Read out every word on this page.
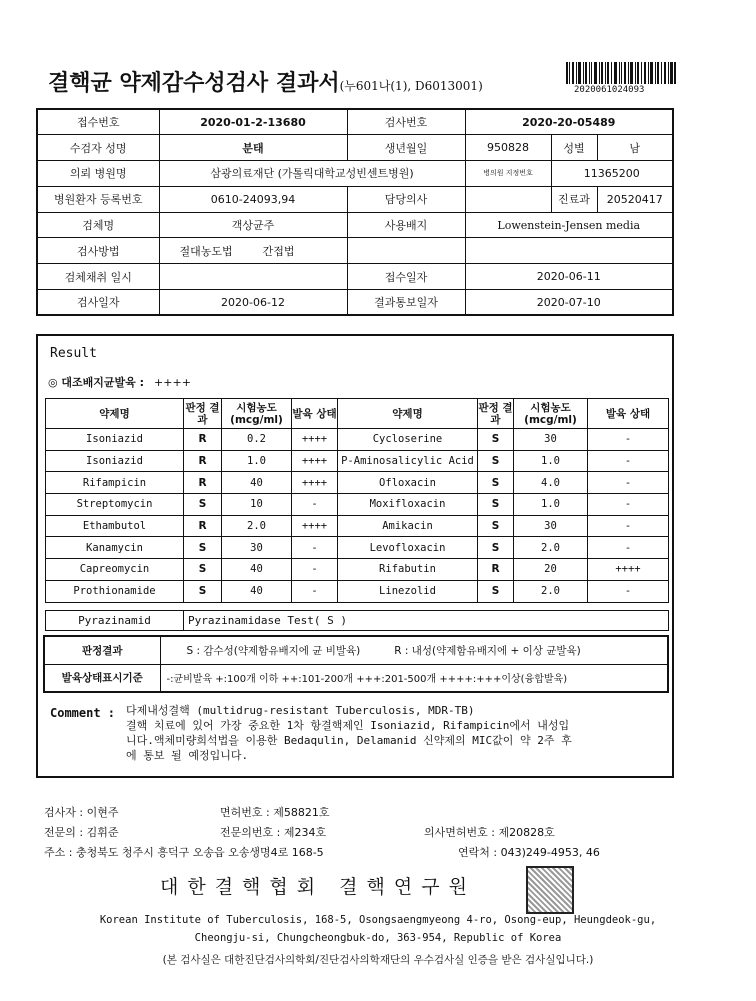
결핵균 약제감수성검사 결과서(누601나(1), D6013001)	2020061024093
접수번호	2020-01-2-13680	검사번호	2020-20-05489		
수검자 성명	분태	생년월일	950828	성별	남
의뢰 병원명	삼광의료재단 (가톨릭대학교성빈센트병원)		병의원 지정번호	11365200	
병원환자 등록번호	0610-24093,94	담당의사		진료과	20520417
검체명	객상균주	사용배지	Lowenstein-Jensen media		
검사방법	절대농도법 간접법				
검체채취 일시		접수일자	2020-06-11		
검사일자	2020-06-12	결과통보일자	2020-07-10		
Result
◎ 대조배지균발육 : ++++
약제명	판정 결과	시험농도 (mcg/ml)	발육 상태	약제명	판정 결과	시험농도 (mcg/ml)	발육 상태
Isoniazid	R	0.2	++++	Cycloserine	S	30	-
Isoniazid	R	1.0	++++	P-Aminosalicylic Acid	S	1.0	-
Rifampicin	R	40	++++	Ofloxacin	S	4.0	-
Streptomycin	S	10	-	Moxifloxacin	S	1.0	-
Ethambutol	R	2.0	++++	Amikacin	S	30	-
Kanamycin	S	30	-	Levofloxacin	S	2.0	-
Capreomycin	S	40	-	Rifabutin	R	20	++++
Prothionamide	S	40	-	Linezolid	S	2.0	-
Pyrazinamid	Pyrazinamidase Test( S )
판정결과	S : 감수성(약제함유배지에 균 비발육) R : 내성(약제함유배지에 + 이상 균발육)
발육상태표시기준	-:균비발육 +:100개 이하 ++:101-200개 +++:201-500개 ++++:+++이상(융합발육)
Comment : 다제내성결핵 (multidrug-resistant Tuberculosis, MDR-TB)
결핵 치료에 있어 가장 중요한 1차 항결핵제인 Isoniazid, Rifampicin에서 내성입
니다.액체미량희석법을 이용한 Bedaqulin, Delamanid 신약제의 MIC값이 약 2주 후
에 통보 될 예정입니다.
검사자 : 이현주	면허번호 : 제58821호
전문의 : 김휘준	전문의번호 : 제234호	의사면허번호 : 제20828호
주소 : 충청북도 청주시 흥덕구 오송읍 오송생명4로 168-5	연락처 : 043)249-4953, 46
대한결핵협회 결핵연구원
Korean Institute of Tuberculosis, 168-5, Osongsaengmyeong 4-ro, Osong-eup, Heungdeok-gu,
Cheongju-si, Chungcheongbuk-do, 363-954, Republic of Korea
(본 검사실은 대한진단검사의학회/진단검사의학재단의 우수검사실 인증을 받은 검사실입니다.)
